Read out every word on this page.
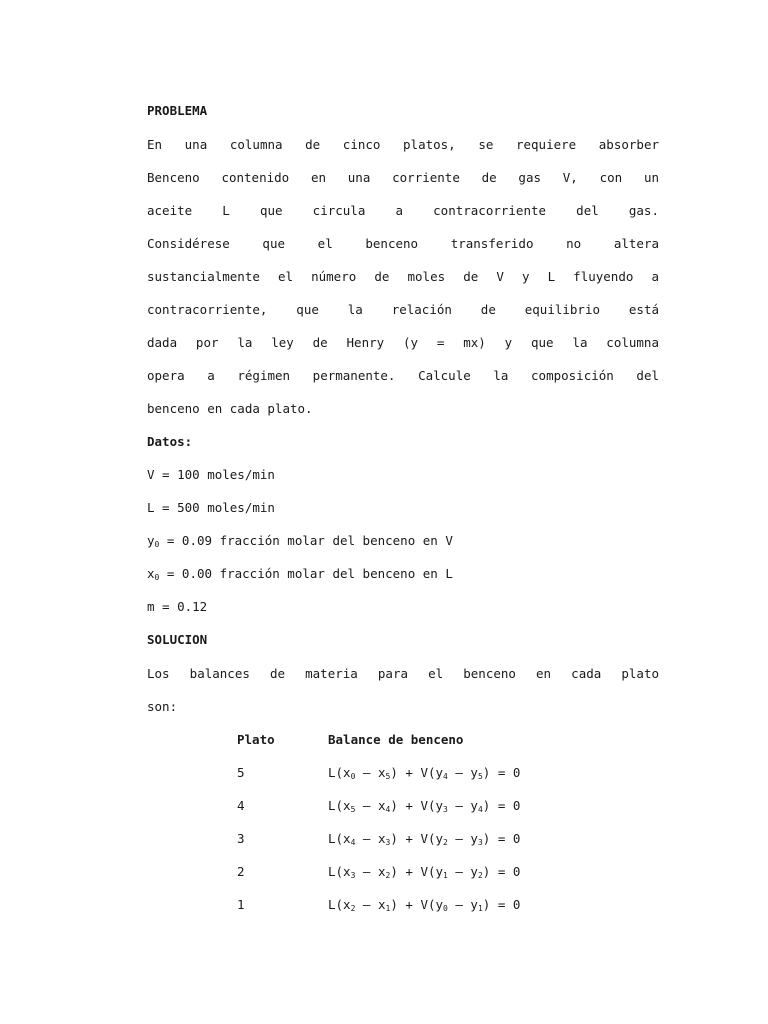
PROBLEMA
En una columna de cinco platos, se requiere absorber
Benceno contenido en una corriente de gas V, con un
aceite L que circula a contracorriente del gas.
Considérese que el benceno transferido no altera
sustancialmente el número de moles de V y L fluyendo a
contracorriente, que la relación de equilibrio está
dada por la ley de Henry (y = mx) y que la columna
opera a régimen permanente. Calcule la composición del
benceno en cada plato.
Datos:
V = 100 moles/min
L = 500 moles/min
$y_0 = 0.09$ fracción molar del benceno en V
$x_0 = 0.00$ fracción molar del benceno en L
m = 0.12
SOLUCION
Los balances de materia para el benceno en cada plato
son:
Plato	Balance de benceno
5	$L(x_0 - x_5) + V(y_4 - y_5) = 0$
4	$L(x_5 - x_4) + V(y_3 - y_4) = 0$
3	$L(x_4 - x_3) + V(y_2 - y_3) = 0$
2	$L(x_3 - x_2) + V(y_1 - y_2) = 0$
1	$L(x_2 - x_1) + V(y_0 - y_1) = 0$
